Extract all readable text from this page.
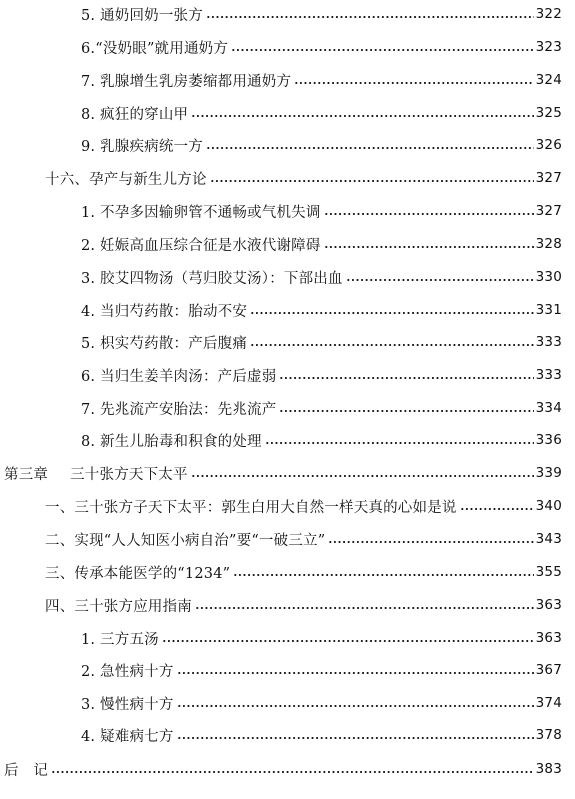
5. 通奶回奶一张方	322
6.“没奶眼”就用通奶方	323
7. 乳腺增生乳房萎缩都用通奶方	324
8. 疯狂的穿山甲	325
9. 乳腺疾病统一方	326
十六、孕产与新生儿方论	327
1. 不孕多因输卵管不通畅或气机失调	327
2. 妊娠高血压综合征是水液代谢障碍	328
3. 胶艾四物汤（芎归胶艾汤）：下部出血	330
4. 当归芍药散：胎动不安	331
5. 枳实芍药散：产后腹痛	333
6. 当归生姜羊肉汤：产后虚弱	333
7. 先兆流产安胎法：先兆流产	334
8. 新生儿胎毒和积食的处理	336
第三章 三十张方天下太平	339
一、三十张方子天下太平：郭生白用大自然一样天真的心如是说	340
二、实现“人人知医小病自治”要“一破三立”	343
三、传承本能医学的“1234”	355
四、三十张方应用指南	363
1. 三方五汤	363
2. 急性病十方	367
3. 慢性病十方	374
4. 疑难病七方	378
后　记	383
